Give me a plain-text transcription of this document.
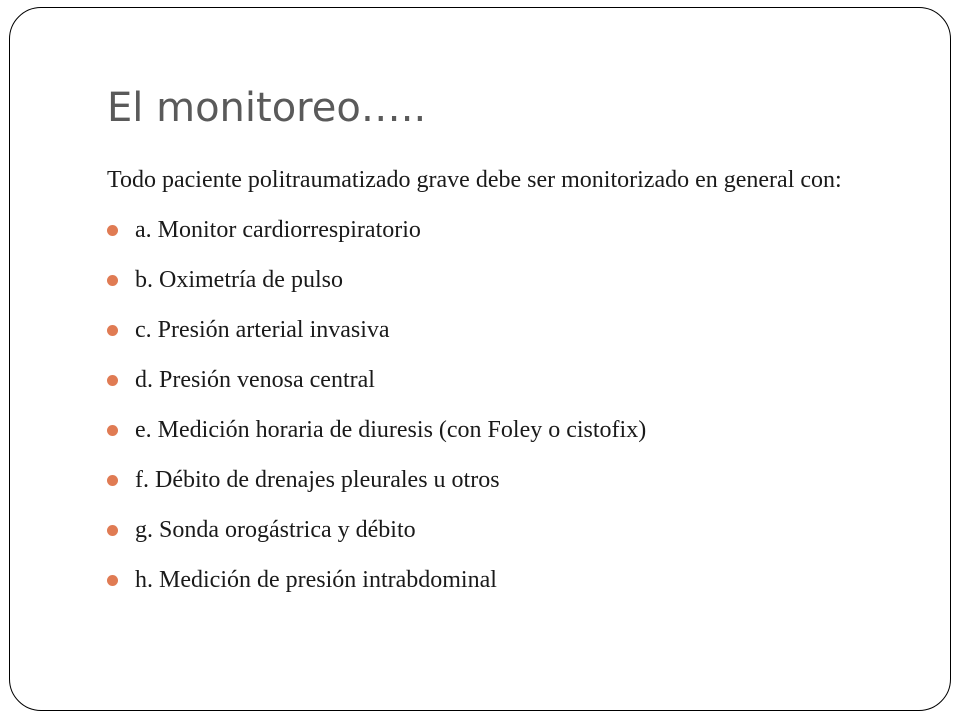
El monitoreo…..

Todo paciente politraumatizado grave debe ser monitorizado en general con:

a. Monitor cardiorrespiratorio
b. Oximetría de pulso
c. Presión arterial invasiva
d. Presión venosa central
e. Medición horaria de diuresis (con Foley o cistofix)
f. Débito de drenajes pleurales u otros
g. Sonda orogástrica y débito
h. Medición de presión intrabdominal
